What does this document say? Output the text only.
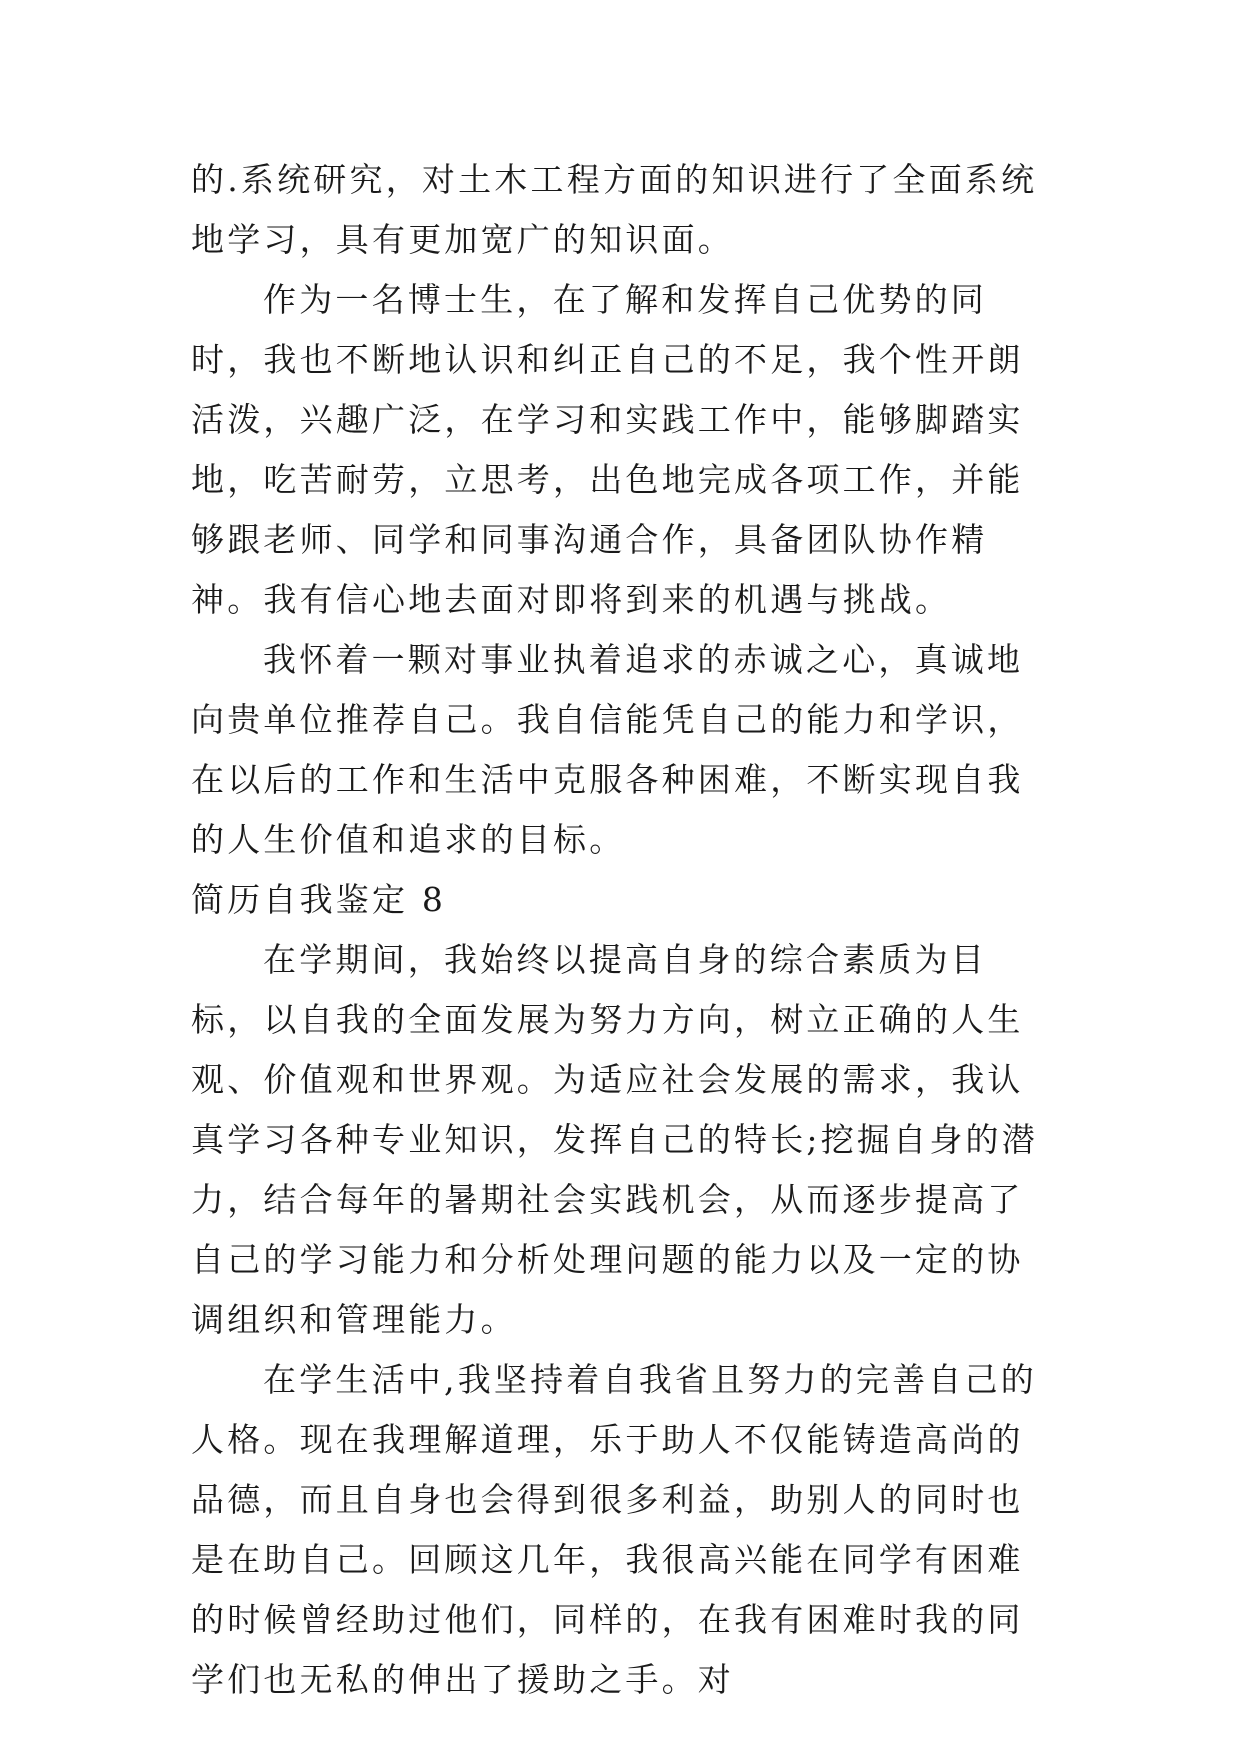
的.系统研究，对土木工程方面的知识进行了全面系统地学习，具有更加宽广的知识面。

作为一名博士生，在了解和发挥自己优势的同时，我也不断地认识和纠正自己的不足，我个性开朗活泼，兴趣广泛，在学习和实践工作中，能够脚踏实地，吃苦耐劳，立思考，出色地完成各项工作，并能够跟老师、同学和同事沟通合作，具备团队协作精神。我有信心地去面对即将到来的机遇与挑战。

我怀着一颗对事业执着追求的赤诚之心，真诚地向贵单位推荐自己。我自信能凭自己的能力和学识，在以后的工作和生活中克服各种困难，不断实现自我的人生价值和追求的目标。

简历自我鉴定 8

在学期间，我始终以提高自身的综合素质为目标，以自我的全面发展为努力方向，树立正确的人生观、价值观和世界观。为适应社会发展的需求，我认真学习各种专业知识，发挥自己的特长;挖掘自身的潜力，结合每年的暑期社会实践机会，从而逐步提高了自己的学习能力和分析处理问题的能力以及一定的协调组织和管理能力。

在学生活中,我坚持着自我省且努力的完善自己的人格。现在我理解道理，乐于助人不仅能铸造高尚的品德，而且自身也会得到很多利益，助别人的同时也是在助自己。回顾这几年，我很高兴能在同学有困难的时候曾经助过他们，同样的，在我有困难时我的同学们也无私的伸出了援助之手。对
